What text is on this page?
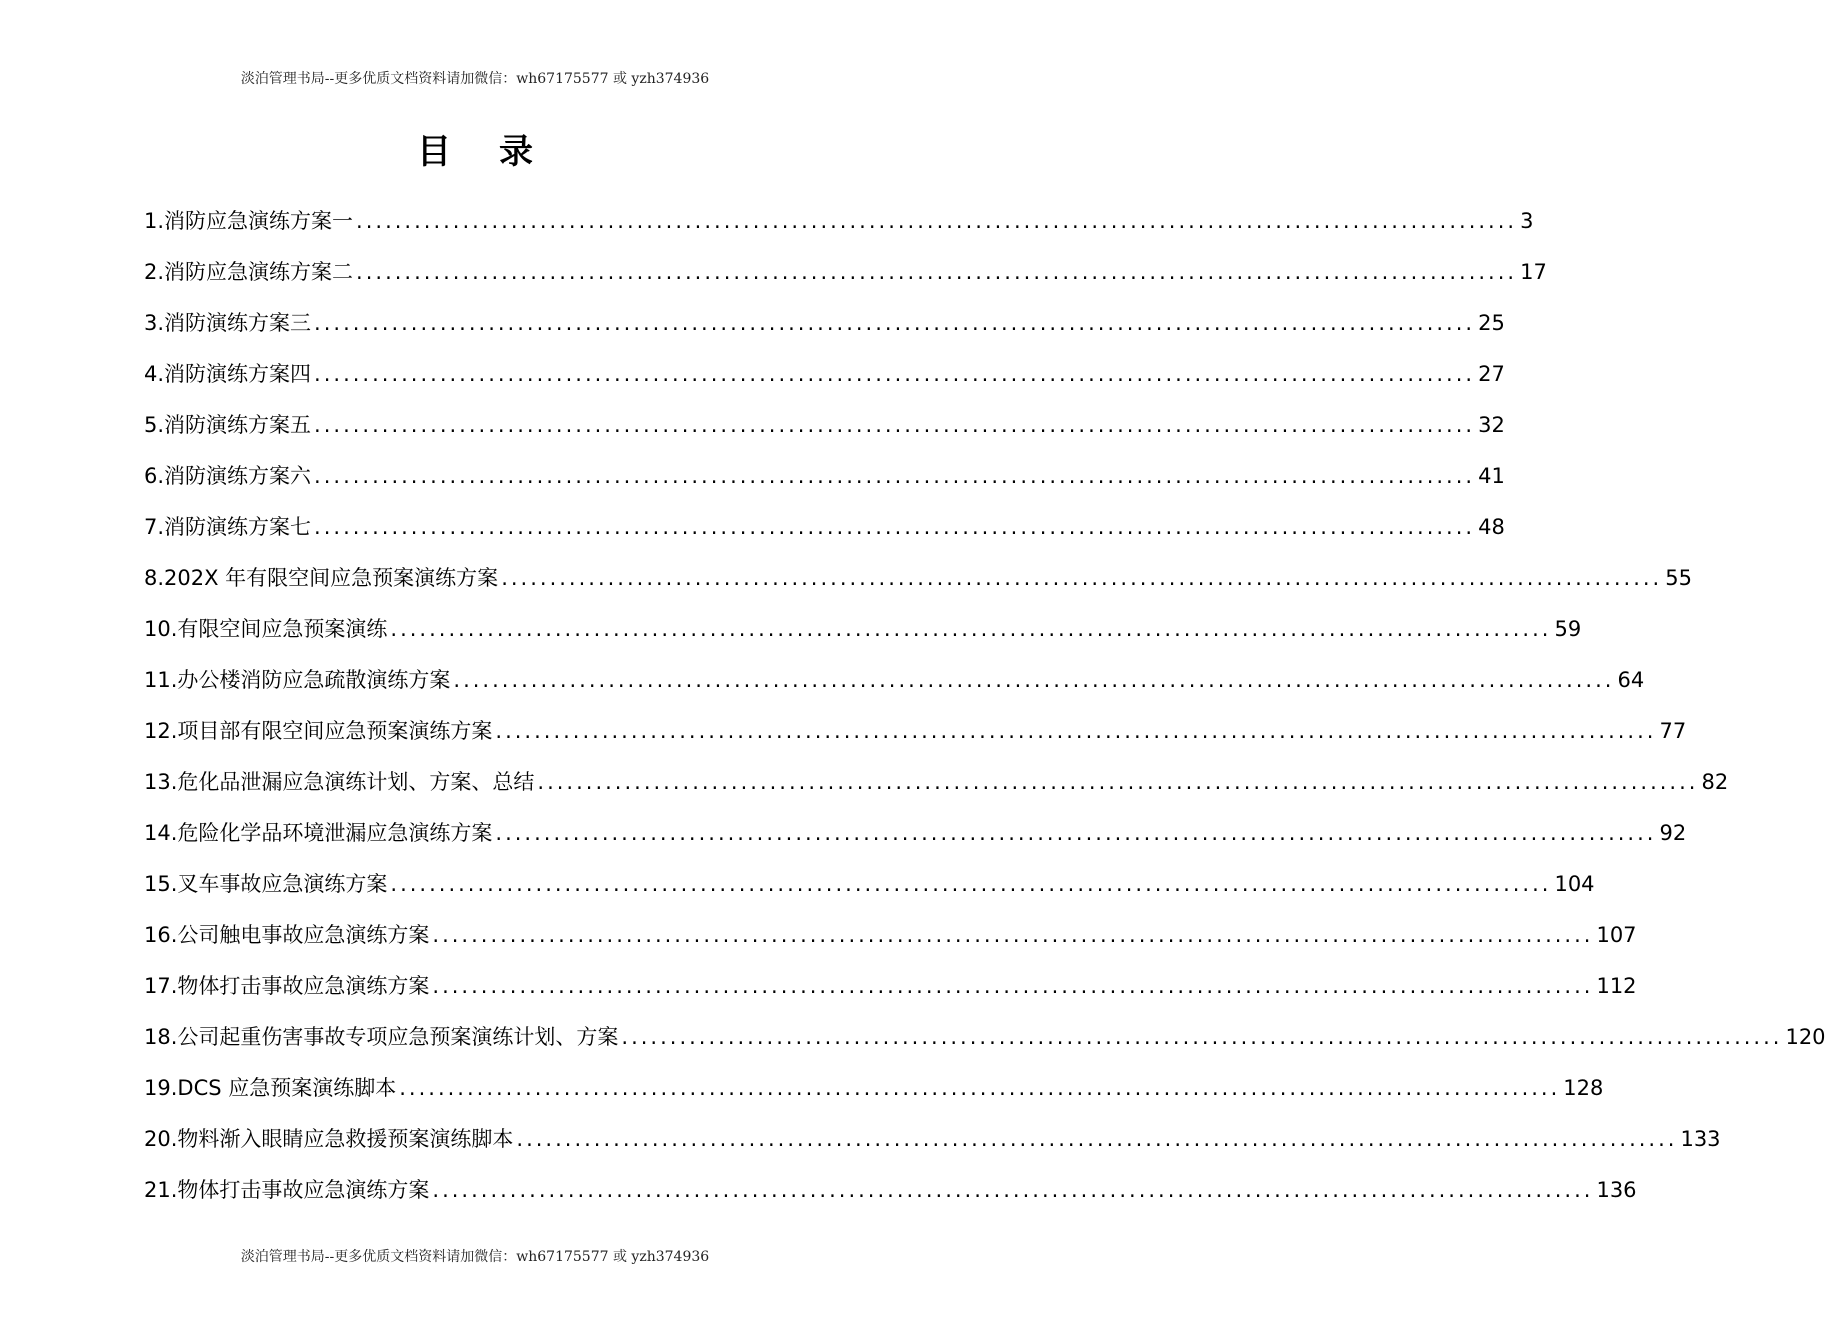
淡泊管理书局--更多优质文档资料请加微信：wh67175577 或 yzh374936
目录
1.消防应急演练方案一 ........................................................................................................................ 3
2.消防应急演练方案二 ........................................................................................................................ 17
3.消防演练方案三 ........................................................................................................................ 25
4.消防演练方案四 ........................................................................................................................ 27
5.消防演练方案五 ........................................................................................................................ 32
6.消防演练方案六 ........................................................................................................................ 41
7.消防演练方案七 ........................................................................................................................ 48
8.202X 年有限空间应急预案演练方案 ........................................................................................................................ 55
10.有限空间应急预案演练 ........................................................................................................................ 59
11.办公楼消防应急疏散演练方案 ........................................................................................................................ 64
12.项目部有限空间应急预案演练方案 ........................................................................................................................ 77
13.危化品泄漏应急演练计划、方案、总结 ........................................................................................................................ 82
14.危险化学品环境泄漏应急演练方案 ........................................................................................................................ 92
15.叉车事故应急演练方案 ........................................................................................................................ 104
16.公司触电事故应急演练方案 ........................................................................................................................ 107
17.物体打击事故应急演练方案 ........................................................................................................................ 112
18.公司起重伤害事故专项应急预案演练计划、方案 ........................................................................................................................ 120
19.DCS 应急预案演练脚本 ........................................................................................................................ 128
20.物料渐入眼睛应急救援预案演练脚本 ........................................................................................................................ 133
21.物体打击事故应急演练方案 ........................................................................................................................ 136
淡泊管理书局--更多优质文档资料请加微信：wh67175577 或 yzh374936
